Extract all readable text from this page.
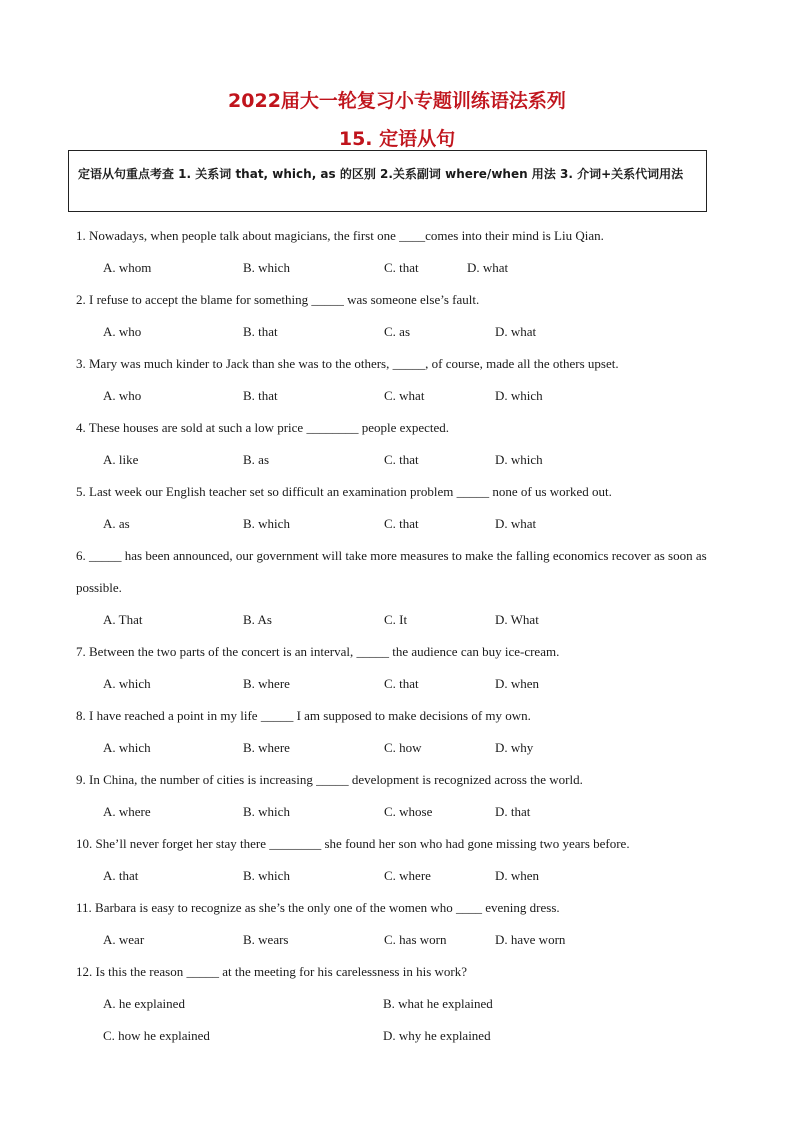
2022届大一轮复习小专题训练语法系列
15. 定语从句
定语从句重点考查 1. 关系词 that, which, as 的区别 2.关系副词 where/when 用法 3. 介词+关系代词用法
1. Nowadays, when people talk about magicians, the first one ____comes into their mind is Liu Qian.
A. whom	B. which	C. that	D. what
2. I refuse to accept the blame for something _____ was someone else’s fault.
A. who	B. that	C. as	D. what
3. Mary was much kinder to Jack than she was to the others, _____, of course, made all the others upset.
A. who	B. that	C. what	D. which
4. These houses are sold at such a low price ________ people expected.
A. like	B. as	C. that	D. which
5. Last week our English teacher set so difficult an examination problem _____ none of us worked out.
A. as	B. which	C. that	D. what
6. _____ has been announced, our government will take more measures to make the falling economics recover as soon as possible.
A. That	B. As	C. It	D. What
7. Between the two parts of the concert is an interval, _____ the audience can buy ice-cream.
A. which	B. where	C. that	D. when
8. I have reached a point in my life _____ I am supposed to make decisions of my own.
A. which	B. where	C. how	D. why
9. In China, the number of cities is increasing _____ development is recognized across the world.
A. where	B. which	C. whose	D. that
10. She’ll never forget her stay there ________ she found her son who had gone missing two years before.
A. that	B. which	C. where	D. when
11. Barbara is easy to recognize as she’s the only one of the women who ____ evening dress.
A. wear	B. wears	C. has worn	D. have worn
12. Is this the reason _____ at the meeting for his carelessness in his work?
A. he explained	B. what he explained
C. how he explained	D. why he explained
